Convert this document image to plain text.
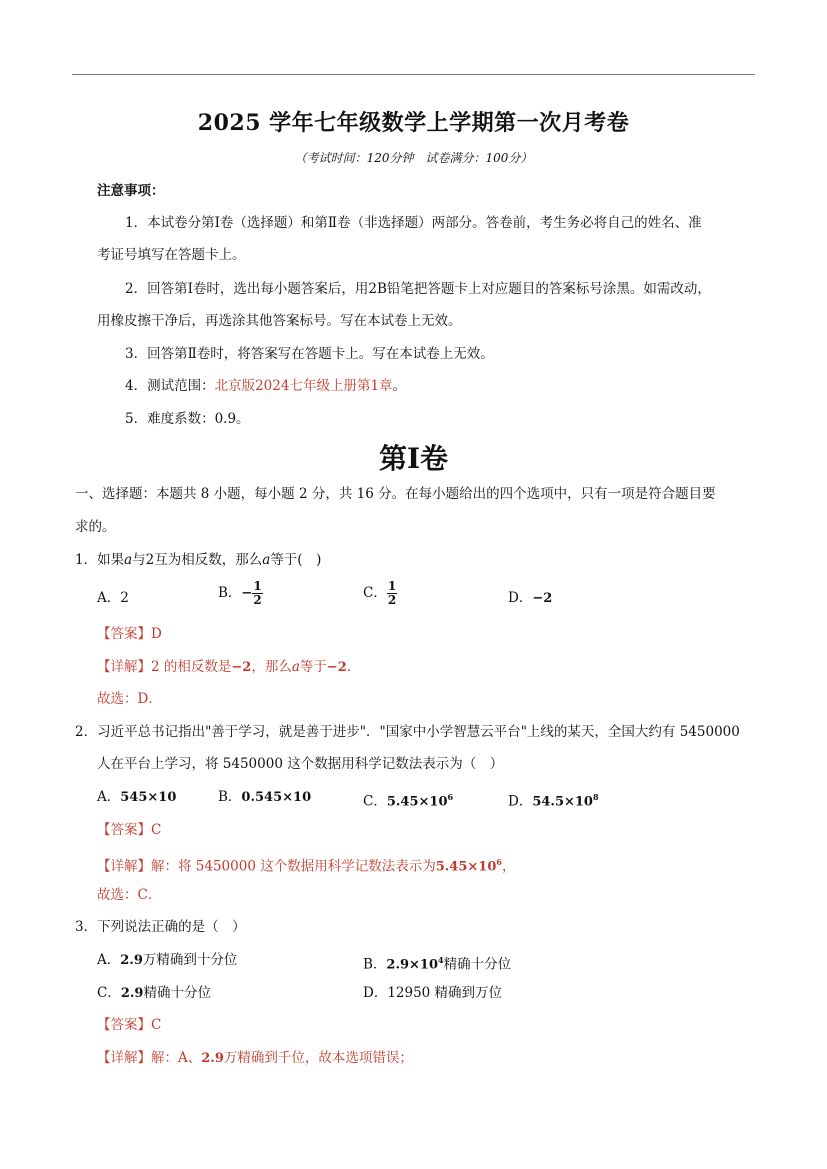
2025 学年七年级数学上学期第一次月考卷
（考试时间：120分钟　试卷满分：100分）
注意事项：
1．本试卷分第Ⅰ卷（选择题）和第Ⅱ卷（非选择题）两部分。答卷前，考生务必将自己的姓名、准
考证号填写在答题卡上。
2．回答第Ⅰ卷时，选出每小题答案后，用2B铅笔把答题卡上对应题目的答案标号涂黑。如需改动，
用橡皮擦干净后，再选涂其他答案标号。写在本试卷上无效。
3．回答第Ⅱ卷时，将答案写在答题卡上。写在本试卷上无效。
4．测试范围：北京版2024七年级上册第1章。
5．难度系数：0.9。
第Ⅰ卷
一、选择题：本题共 8 小题，每小题 2 分，共 16 分。在每小题给出的四个选项中，只有一项是符合题目要
求的。
1．如果a与2互为相反数，那么a等于(　)
A．2	B．− $\frac{1}{2}$	C． $\frac{1}{2}$	D．−2
【答案】D
【详解】2 的相反数是−2，那么a等于−2．
故选：D．
2．习近平总书记指出"善于学习，就是善于进步"．"国家中小学智慧云平台"上线的某天，全国大约有 5450000
人在平台上学习，将 5450000 这个数据用科学记数法表示为（　）
A．545×10	B．0.545×10	C．$5.45\times 10^6$	D．$54.5\times 10^8$
【答案】C
【详解】解：将 5450000 这个数据用科学记数法表示为$5.45\times 10^6$，
故选：C．
3．下列说法正确的是（　）
A．2.9万精确到十分位	B．$2.9\times 10^4$精确十分位
C．2.9精确十分位	D．12950 精确到万位
【答案】C
【详解】解：A、2.9万精确到千位，故本选项错误；
